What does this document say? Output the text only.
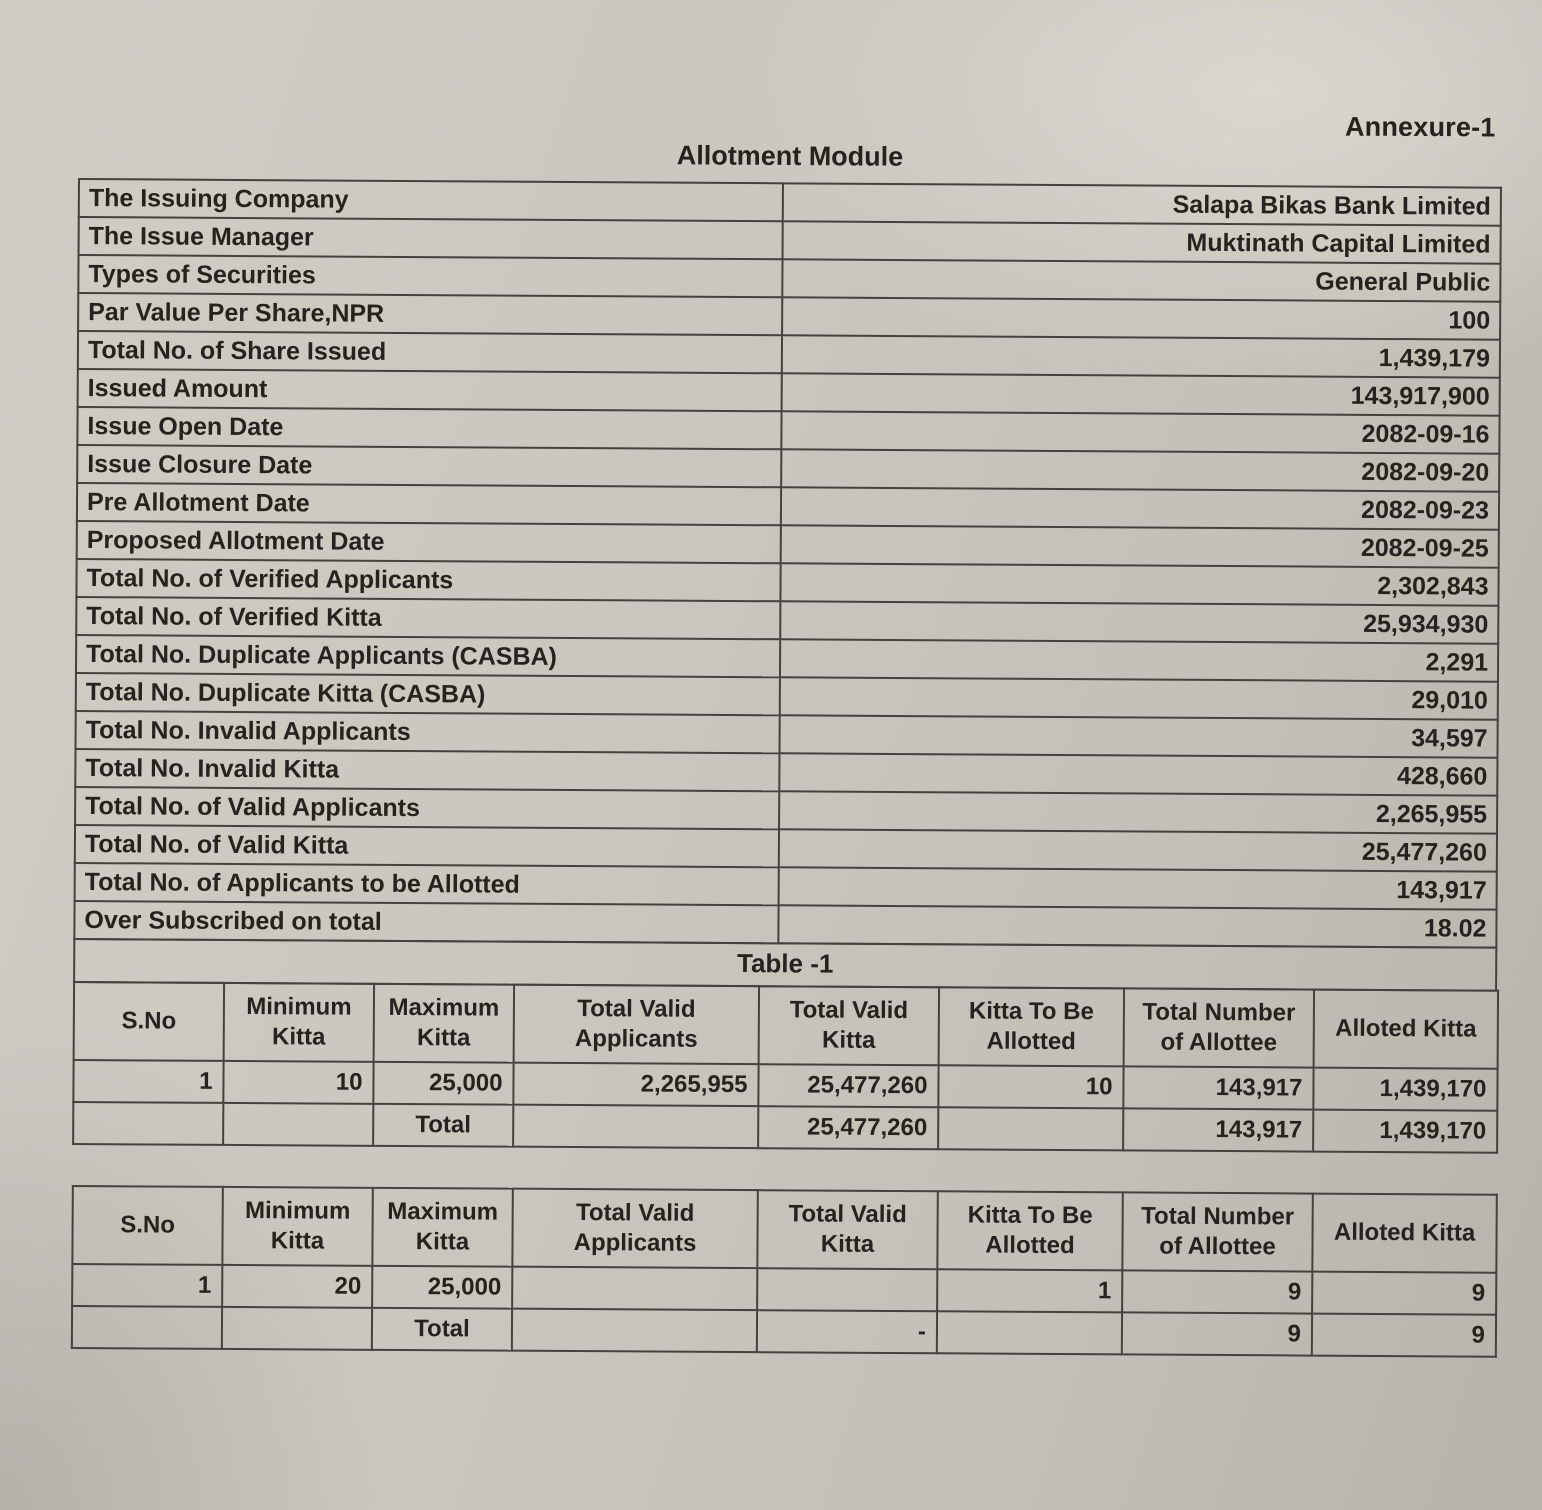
Annexure-1
Allotment Module
The Issuing Company	Salapa Bikas Bank Limited
The Issue Manager	Muktinath Capital Limited
Types of Securities	General Public
Par Value Per Share,NPR	100
Total No. of Share Issued	1,439,179
Issued Amount	143,917,900
Issue Open Date	2082-09-16
Issue Closure Date	2082-09-20
Pre Allotment Date	2082-09-23
Proposed Allotment Date	2082-09-25
Total No. of Verified Applicants	2,302,843
Total No. of Verified Kitta	25,934,930
Total No. Duplicate Applicants (CASBA)	2,291
Total No. Duplicate Kitta (CASBA)	29,010
Total No. Invalid Applicants	34,597
Total No. Invalid Kitta	428,660
Total No. of Valid Applicants	2,265,955
Total No. of Valid Kitta	25,477,260
Total No. of Applicants to be Allotted	143,917
Over Subscribed on total	18.02
Table -1
S.No	Minimum Kitta	Maximum Kitta	Total Valid Applicants	Total Valid Kitta	Kitta To Be Allotted	Total Number of Allottee	Alloted Kitta
1	10	25,000	2,265,955	25,477,260	10	143,917	1,439,170
		Total		25,477,260		143,917	1,439,170
S.No	Minimum Kitta	Maximum Kitta	Total Valid Applicants	Total Valid Kitta	Kitta To Be Allotted	Total Number of Allottee	Alloted Kitta
1	20	25,000			1	9	9
		Total		-		9	9
